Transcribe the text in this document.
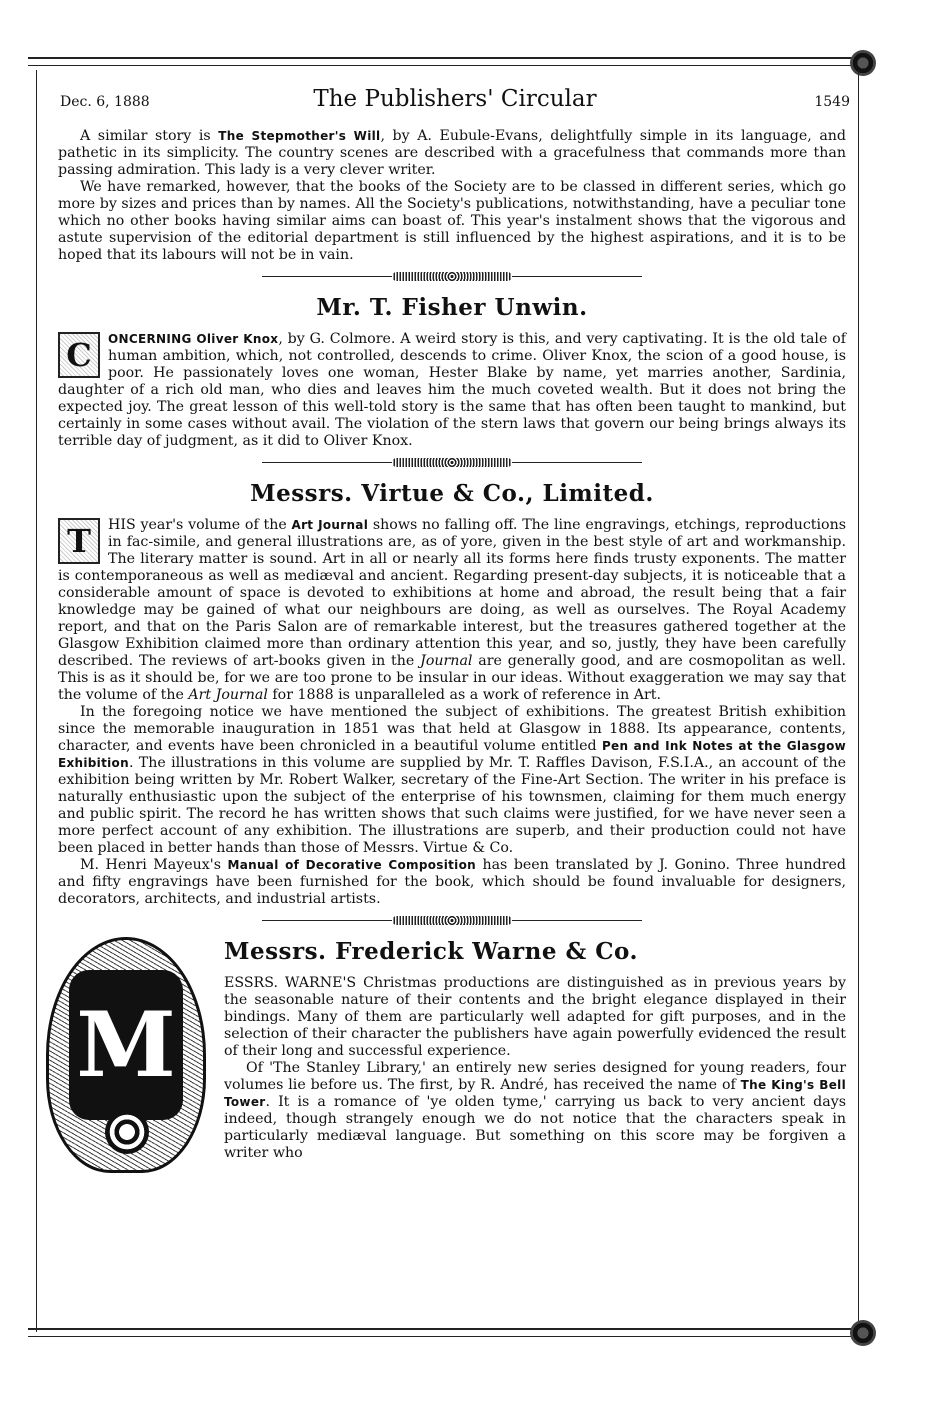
Dec. 6, 1888	The Publishers' Circular	1549

A similar story is The Stepmother's Will, by A. Eubule-Evans, delightfully simple in its language, and pathetic in its simplicity. The country scenes are described with a gracefulness that commands more than passing admiration. This lady is a very clever writer.

We have remarked, however, that the books of the Society are to be classed in different series, which go more by sizes and prices than by names. All the Society's publications, notwithstanding, have a peculiar tone which no other books having similar aims can boast of. This year's instalment shows that the vigorous and astute supervision of the editorial department is still influenced by the highest aspirations, and it is to be hoped that its labours will not be in vain.

Mr. T. Fisher Unwin.

C	ONCERNING Oliver Knox, by G. Colmore. A weird story is this, and very captivating. It is the old tale of human ambition, which, not controlled, descends to crime. Oliver Knox, the scion of a good house, is poor. He passionately loves one woman, Hester Blake by name, yet marries another, Sardinia, daughter of a rich old man, who dies and leaves him the much coveted wealth. But it does not bring the expected joy. The great lesson of this well-told story is the same that has often been taught to mankind, but certainly in some cases without avail. The violation of the stern laws that govern our being brings always its terrible day of judgment, as it did to Oliver Knox.

Messrs. Virtue & Co., Limited.

T	HIS year's volume of the Art Journal shows no falling off. The line engravings, etchings, reproductions in fac-simile, and general illustrations are, as of yore, given in the best style of art and workmanship. The literary matter is sound. Art in all or nearly all its forms here finds trusty exponents. The matter is contemporaneous as well as mediæval and ancient. Regarding present-day subjects, it is noticeable that a considerable amount of space is devoted to exhibitions at home and abroad, the result being that a fair knowledge may be gained of what our neighbours are doing, as well as ourselves. The Royal Academy report, and that on the Paris Salon are of remarkable interest, but the treasures gathered together at the Glasgow Exhibition claimed more than ordinary attention this year, and so, justly, they have been carefully described. The reviews of art-books given in the Journal are generally good, and are cosmopolitan as well. This is as it should be, for we are too prone to be insular in our ideas. Without exaggeration we may say that the volume of the Art Journal for 1888 is unparalleled as a work of reference in Art.

In the foregoing notice we have mentioned the subject of exhibitions. The greatest British exhibition since the memorable inauguration in 1851 was that held at Glasgow in 1888. Its appearance, contents, character, and events have been chronicled in a beautiful volume entitled Pen and Ink Notes at the Glasgow Exhibition. The illustrations in this volume are supplied by Mr. T. Raffles Davison, F.S.I.A., an account of the exhibition being written by Mr. Robert Walker, secretary of the Fine-Art Section. The writer in his preface is naturally enthusiastic upon the subject of the enterprise of his townsmen, claiming for them much energy and public spirit. The record he has written shows that such claims were justified, for we have never seen a more perfect account of any exhibition. The illustrations are superb, and their production could not have been placed in better hands than those of Messrs. Virtue & Co.

M. Henri Mayeux's Manual of Decorative Composition has been translated by J. Gonino. Three hundred and fifty engravings have been furnished for the book, which should be found invaluable for designers, decorators, architects, and industrial artists.

M
Messrs. Frederick Warne & Co.

ESSRS. WARNE'S Christmas productions are distinguished as in previous years by the seasonable nature of their contents and the bright elegance displayed in their bindings. Many of them are particularly well adapted for gift purposes, and in the selection of their character the publishers have again powerfully evidenced the result of their long and successful experience.

Of 'The Stanley Library,' an entirely new series designed for young readers, four volumes lie before us. The first, by R. André, has received the name of The King's Bell Tower. It is a romance of 'ye olden tyme,' carrying us back to very ancient days indeed, though strangely enough we do not notice that the characters speak in particularly mediæval language. But something on this score may be forgiven a writer who
